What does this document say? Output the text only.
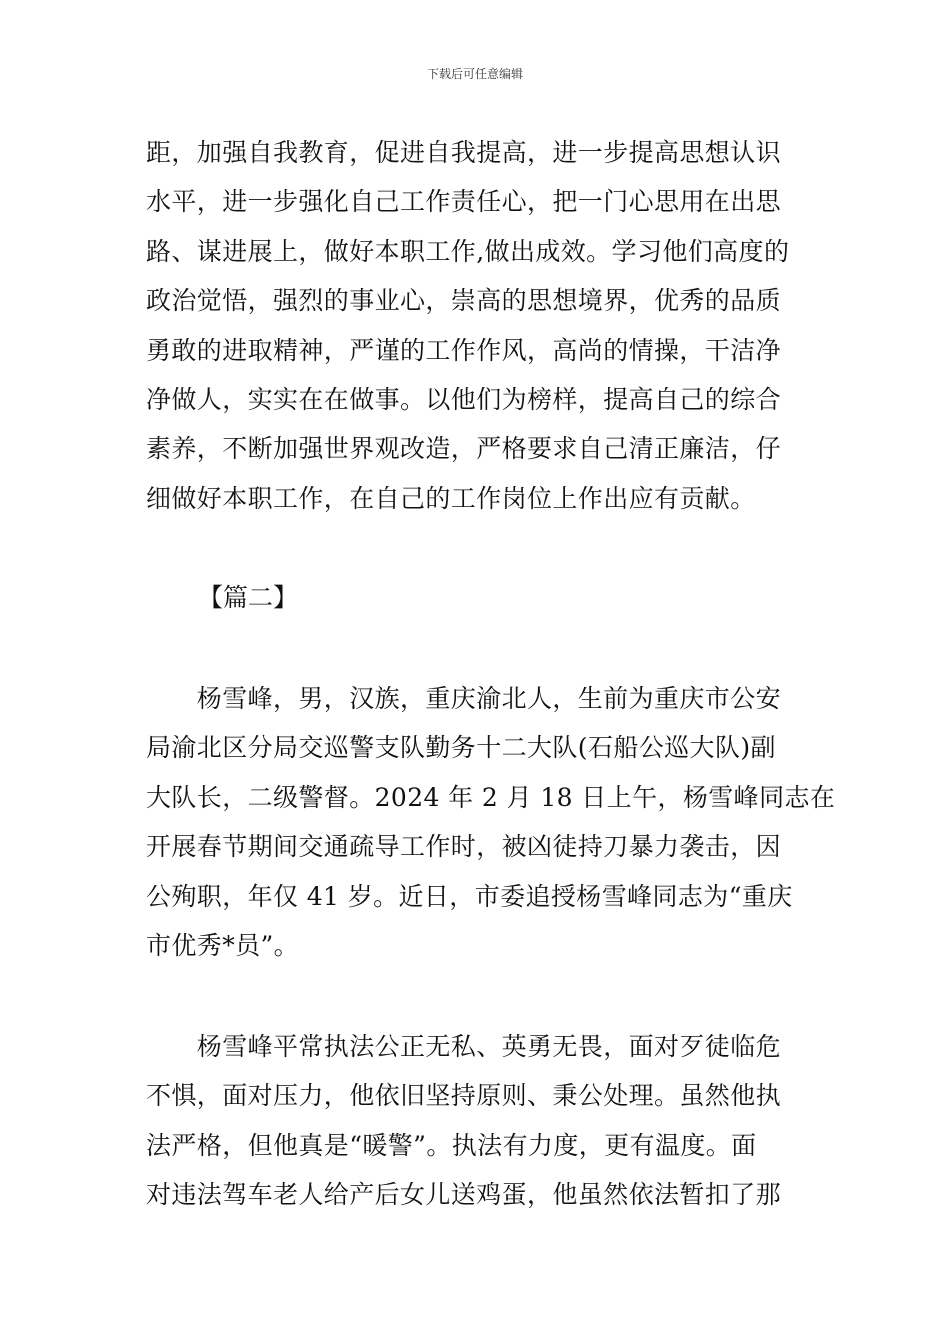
下载后可任意编辑
距，加强自我教育，促进自我提高，进一步提高思想认识
水平，进一步强化自己工作责任心，把一门心思用在出思
路、谋进展上，做好本职工作,做出成效。学习他们高度的
政治觉悟，强烈的事业心，崇高的思想境界，优秀的品质
勇敢的进取精神，严谨的工作作风，高尚的情操，干洁净
净做人，实实在在做事。以他们为榜样，提高自己的综合
素养，不断加强世界观改造，严格要求自己清正廉洁，仔
细做好本职工作，在自己的工作岗位上作出应有贡献。
【篇二】
　　杨雪峰，男，汉族，重庆渝北人，生前为重庆市公安
局渝北区分局交巡警支队勤务十二大队(石船公巡大队)副
大队长，二级警督。2024 年 2 月 18 日上午，杨雪峰同志在
开展春节期间交通疏导工作时，被凶徒持刀暴力袭击，因
公殉职，年仅 41 岁。近日，市委追授杨雪峰同志为“重庆
市优秀*员”。
　　杨雪峰平常执法公正无私、英勇无畏，面对歹徒临危
不惧，面对压力，他依旧坚持原则、秉公处理。虽然他执
法严格，但他真是“暖警”。执法有力度，更有温度。面
对违法驾车老人给产后女儿送鸡蛋，他虽然依法暂扣了那
